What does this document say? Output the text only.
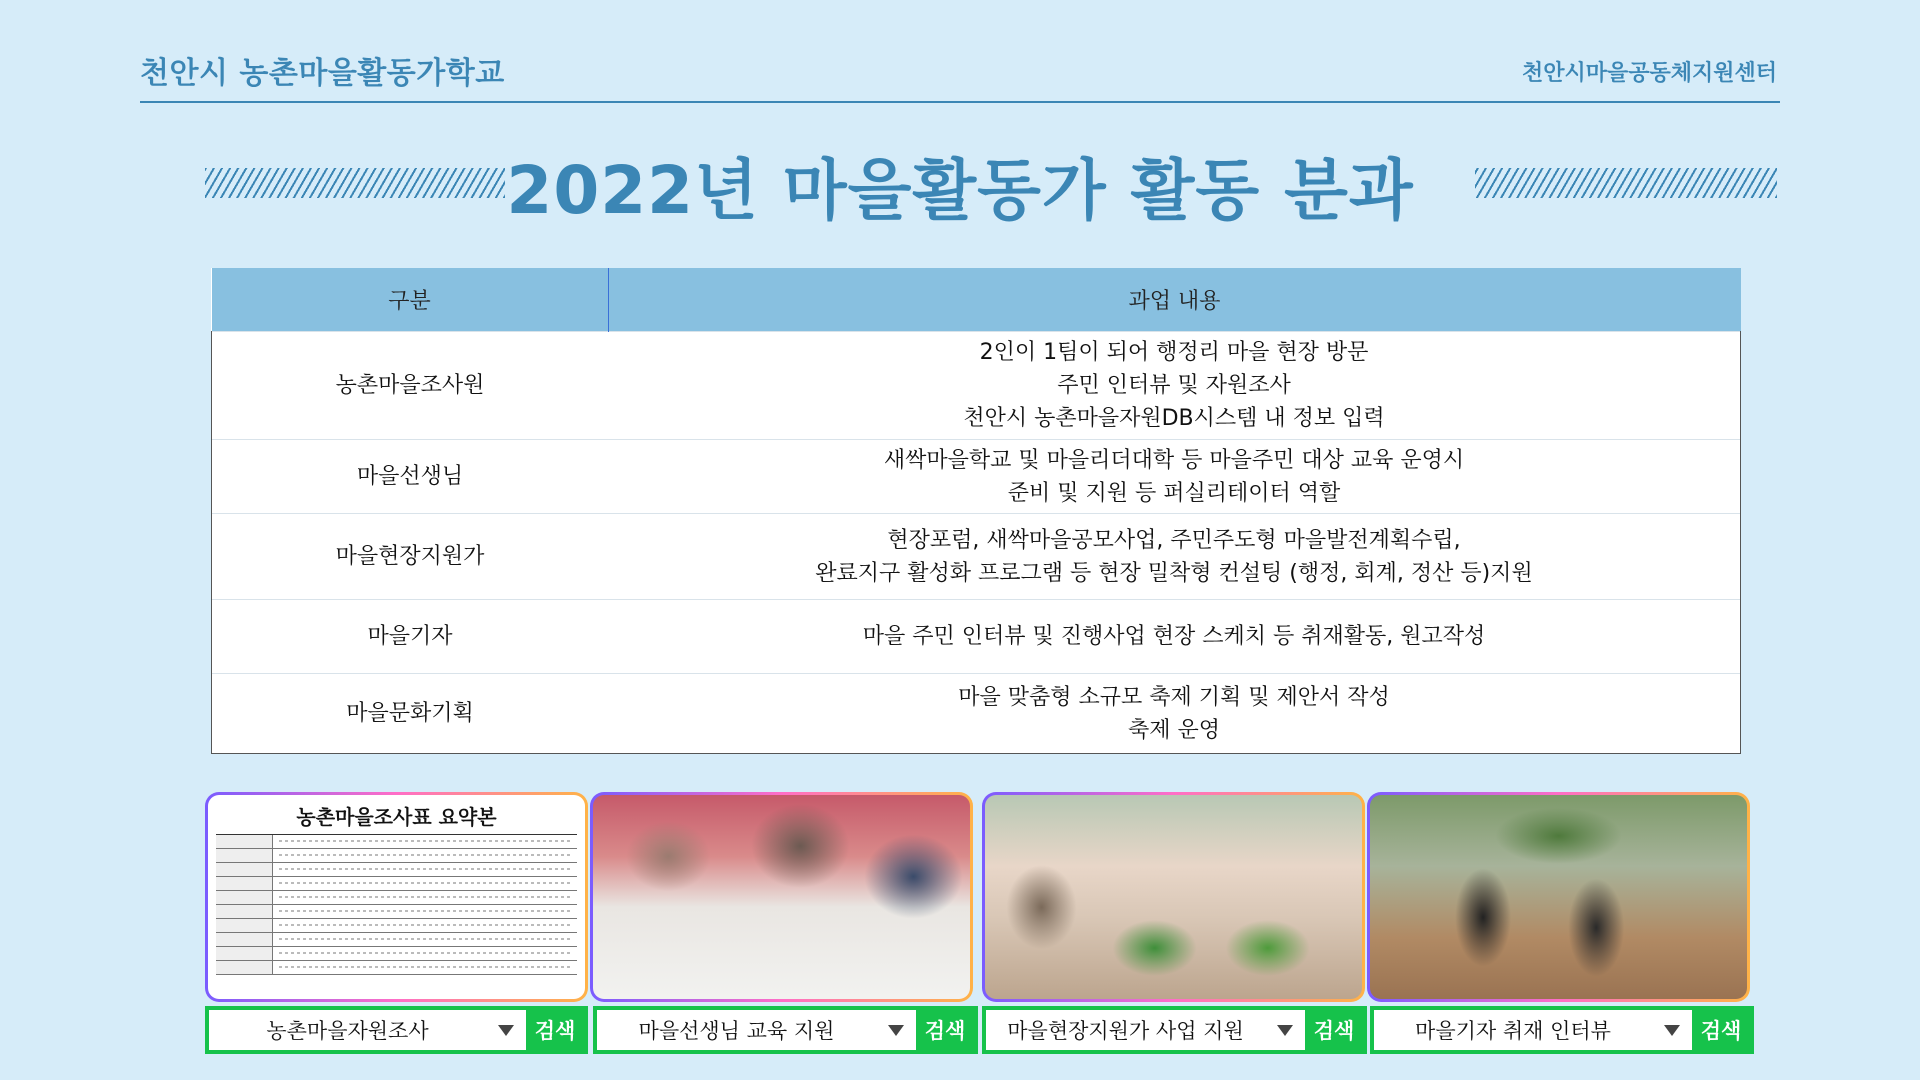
천안시 농촌마을활동가학교	천안시마을공동체지원센터
2022년 마을활동가 활동 분과
구분	과업 내용
농촌마을조사원	2인이 1팀이 되어 행정리 마을 현장 방문
주민 인터뷰 및 자원조사
천안시 농촌마을자원DB시스템 내 정보 입력

마을선생님	새싹마을학교 및 마을리더대학 등 마을주민 대상 교육 운영시
준비 및 지원 등 퍼실리테이터 역할

마을현장지원가	현장포럼, 새싹마을공모사업, 주민주도형 마을발전계획수립,
완료지구 활성화 프로그램 등 현장 밀착형 컨설팅 (행정, 회계, 정산 등)지원

마을기자	마을 주민 인터뷰 및 진행사업 현장 스케치 등 취재활동, 원고작성

마을문화기획	마을 맞춤형 소규모 축제 기획 및 제안서 작성
축제 운영
농촌마을조사표 요약본
농촌마을자원조사	검색	마을선생님 교육 지원	검색	마을현장지원가 사업 지원	검색	마을기자 취재 인터뷰	검색
